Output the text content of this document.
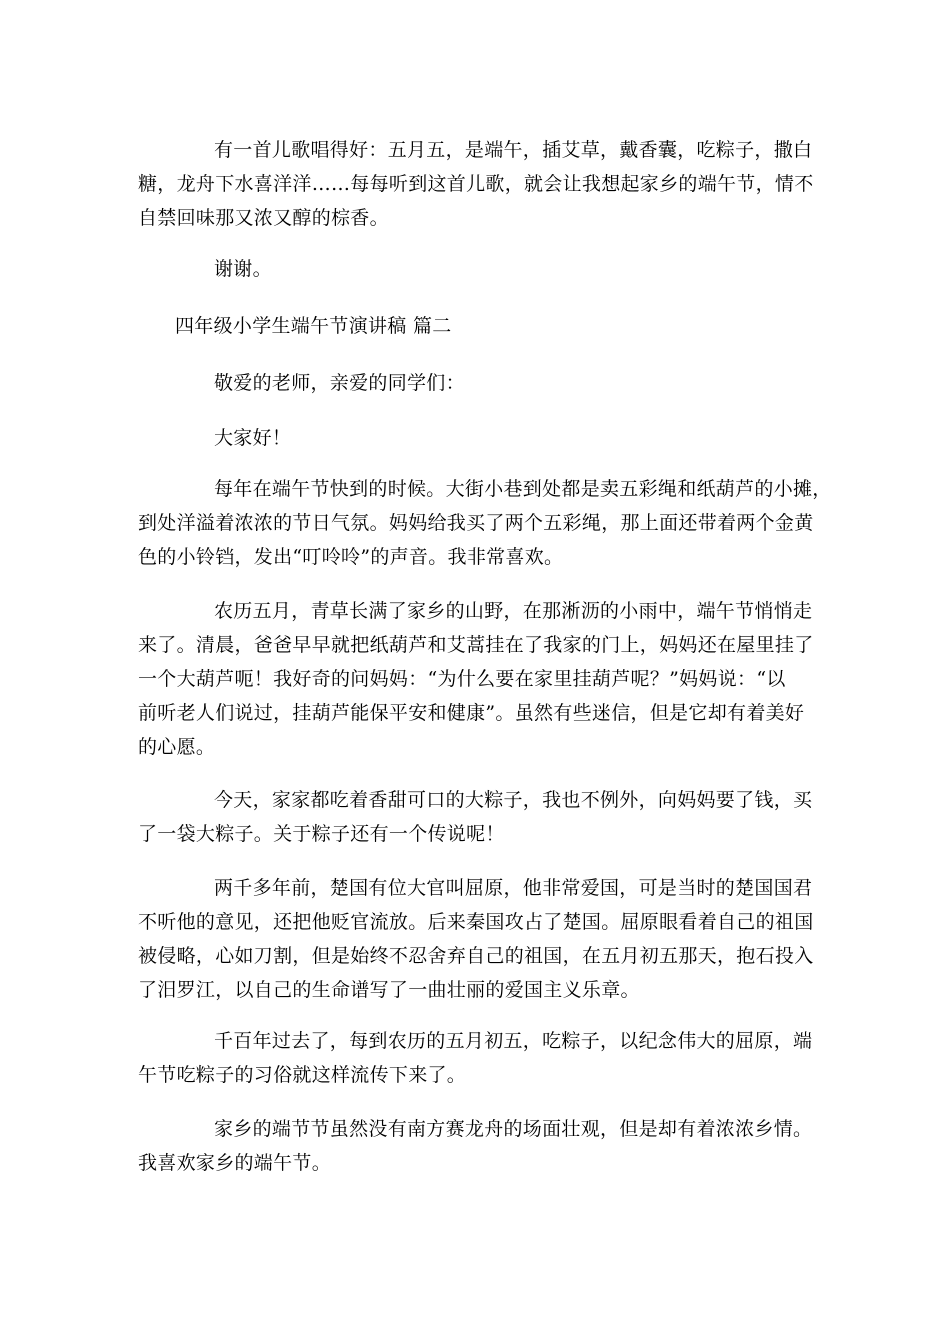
有一首儿歌唱得好：五月五，是端午，插艾草，戴香囊，吃粽子，撒白
糖，龙舟下水喜洋洋……每每听到这首儿歌，就会让我想起家乡的端午节，情不
自禁回味那又浓又醇的棕香。
谢谢。
四年级小学生端午节演讲稿 篇二
敬爱的老师，亲爱的同学们：
大家好！
每年在端午节快到的时候。大街小巷到处都是卖五彩绳和纸葫芦的小摊，
到处洋溢着浓浓的节日气氛。妈妈给我买了两个五彩绳，那上面还带着两个金黄
色的小铃铛，发出“叮呤呤”的声音。我非常喜欢。
农历五月，青草长满了家乡的山野，在那淅沥的小雨中，端午节悄悄走
来了。清晨，爸爸早早就把纸葫芦和艾蒿挂在了我家的门上，妈妈还在屋里挂了
一个大葫芦呃！我好奇的问妈妈：“为什么要在家里挂葫芦呢？”妈妈说：“以
前听老人们说过，挂葫芦能保平安和健康”。虽然有些迷信，但是它却有着美好
的心愿。
今天，家家都吃着香甜可口的大粽子，我也不例外，向妈妈要了钱，买
了一袋大粽子。关于粽子还有一个传说呢！
两千多年前，楚国有位大官叫屈原，他非常爱国，可是当时的楚国国君
不听他的意见，还把他贬官流放。后来秦国攻占了楚国。屈原眼看着自己的祖国
被侵略，心如刀割，但是始终不忍舍弃自己的祖国，在五月初五那天，抱石投入
了汨罗江，以自己的生命谱写了一曲壮丽的爱国主义乐章。
千百年过去了，每到农历的五月初五，吃粽子，以纪念伟大的屈原，端
午节吃粽子的习俗就这样流传下来了。
家乡的端节节虽然没有南方赛龙舟的场面壮观，但是却有着浓浓乡情。
我喜欢家乡的端午节。
